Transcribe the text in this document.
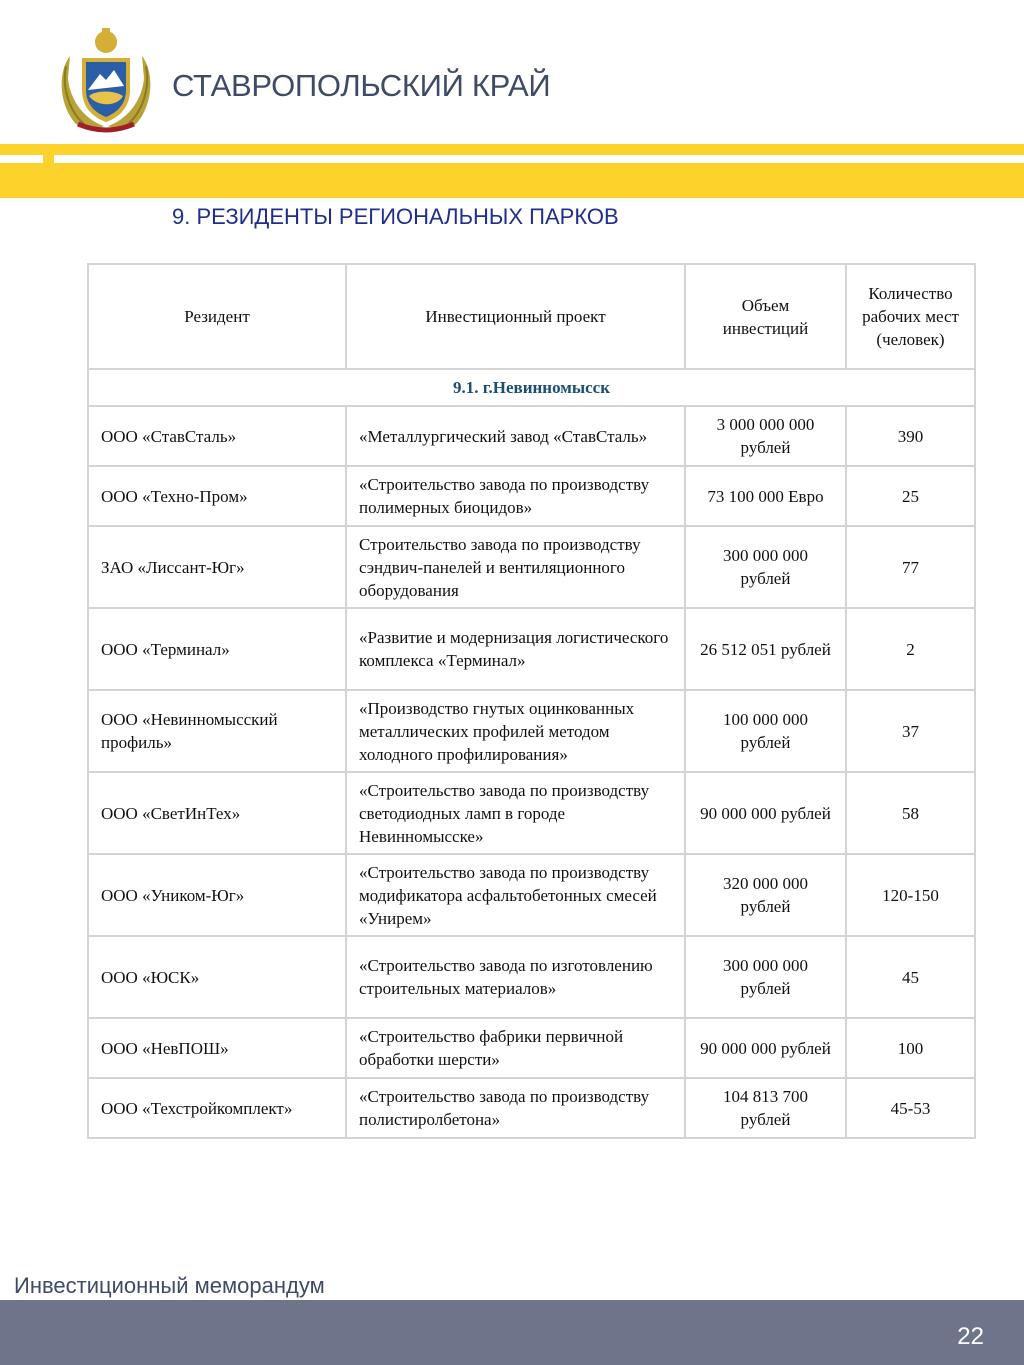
СТАВРОПОЛЬСКИЙ КРАЙ
9. РЕЗИДЕНТЫ РЕГИОНАЛЬНЫХ ПАРКОВ
Резидент	Инвестиционный проект	Объем инвестиций	Количество рабочих мест (человек)
9.1. г.Невинномысск			
ООО «СтавСталь»	«Металлургический завод «СтавСталь»	3 000 000 000 рублей	390
ООО «Техно-Пром»	«Строительство завода по производству полимерных биоцидов»	73 100 000 Евро	25
ЗАО «Лиссант-Юг»	Строительство завода по производству сэндвич-панелей и вентиляционного оборудования	300 000 000 рублей	77
ООО «Терминал»	«Развитие и модернизация логистического комплекса «Терминал»	26 512 051 рублей	2
ООО «Невинномысский профиль»	«Производство гнутых оцинкованных металлических профилей методом холодного профилирования»	100 000 000 рублей	37
ООО «СветИнТех»	«Строительство завода по производству светодиодных ламп в городе Невинномысске»	90 000 000 рублей	58
ООО «Уником-Юг»	«Строительство завода по производству модификатора асфальтобетонных смесей «Унирем»	320 000 000 рублей	120-150
ООО «ЮСК»	«Строительство завода по изготовлению строительных материалов»	300 000 000 рублей	45
ООО «НевПОШ»	«Строительство фабрики первичной обработки шерсти»	90 000 000 рублей	100
ООО «Техстройкомплект»	«Строительство завода по производству полистиролбетона»	104 813 700 рублей	45-53
Инвестиционный меморандум
22
